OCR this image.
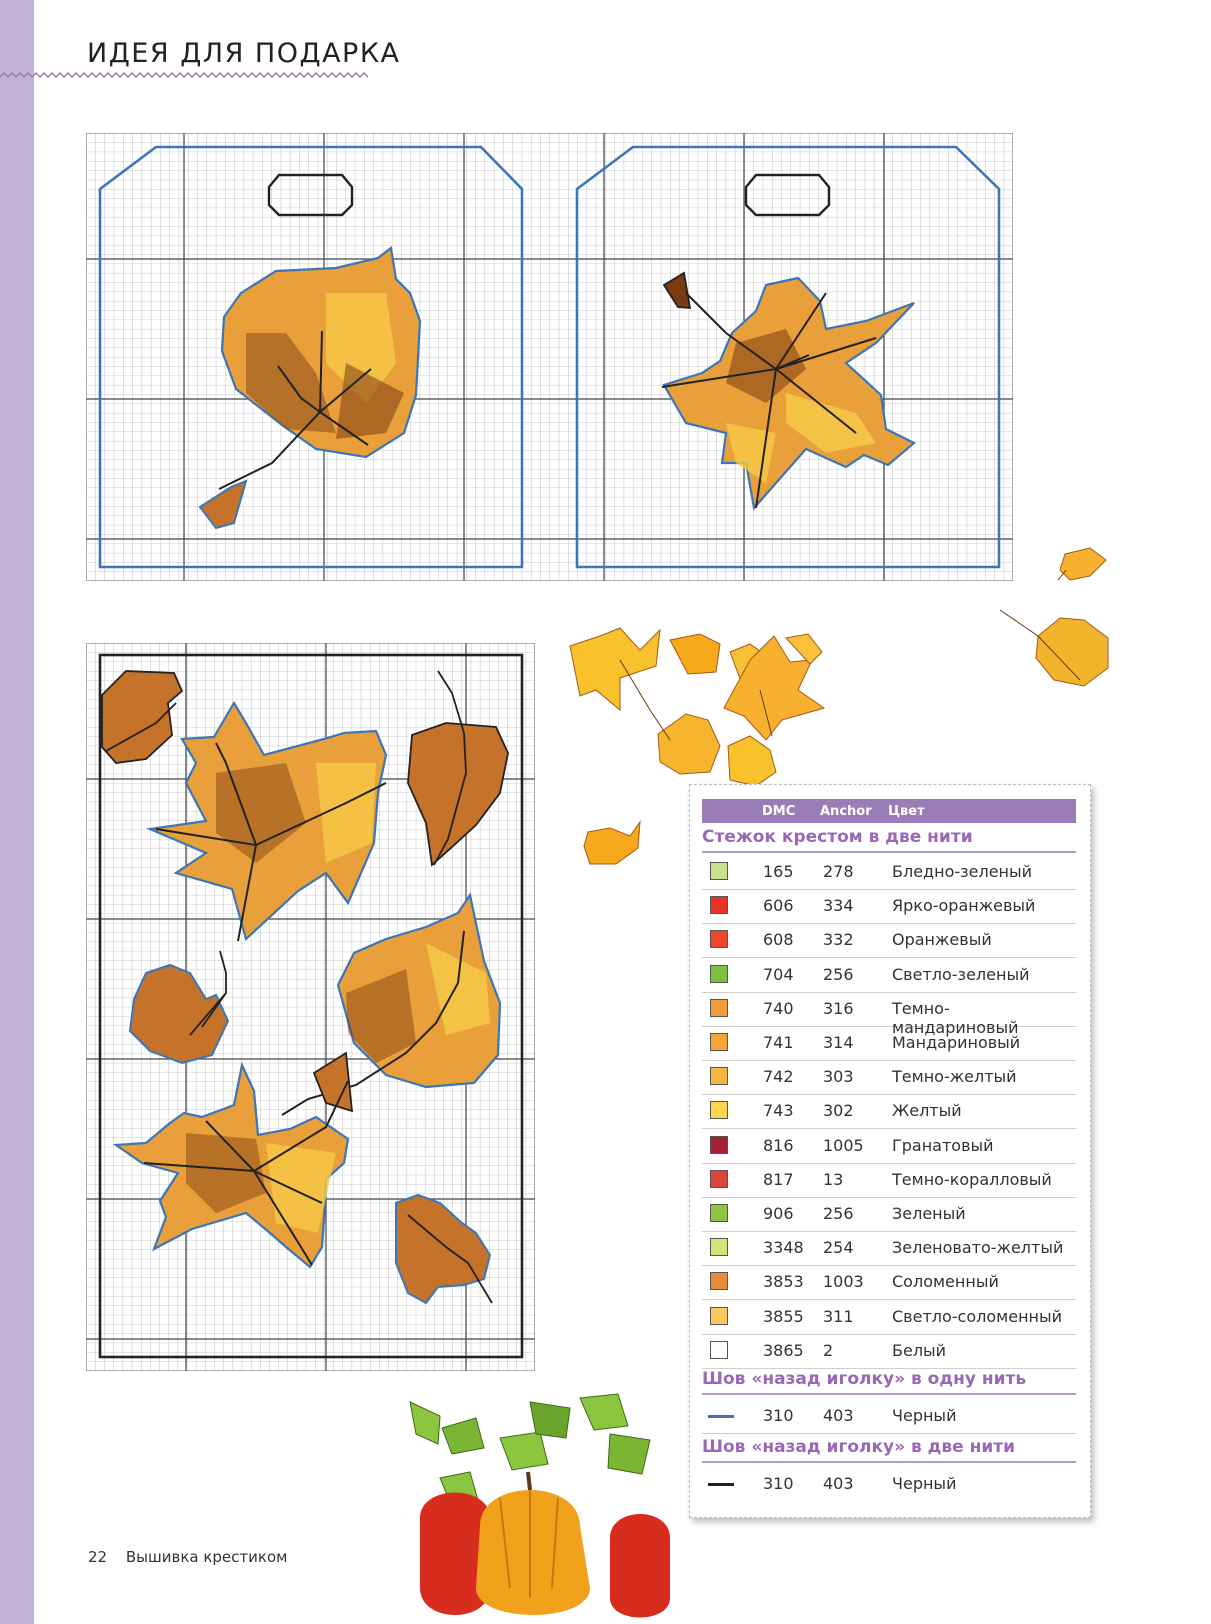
ИДЕЯ ДЛЯ ПОДАРКА
DMC Anchor Цвет
Стежок крестом в две нити
165 278 Бледно-зеленый
606 334 Ярко-оранжевый
608 332 Оранжевый
704 256 Светло-зеленый
740 316 Темно-мандариновый
741 314 Мандариновый
742 303 Темно-желтый
743 302 Желтый
816 1005 Гранатовый
817 13	Темно-коралловый
906 256 Зеленый
3348 254 Зеленовато-желтый
3853 1003 Соломенный
3855 311 Светло-соломенный
3865 2	Белый
Шов «назад иголку» в одну нить
310 403 Черный
Шов «назад иголку» в две нити
310 403 Черный
22 Вышивка крестиком
